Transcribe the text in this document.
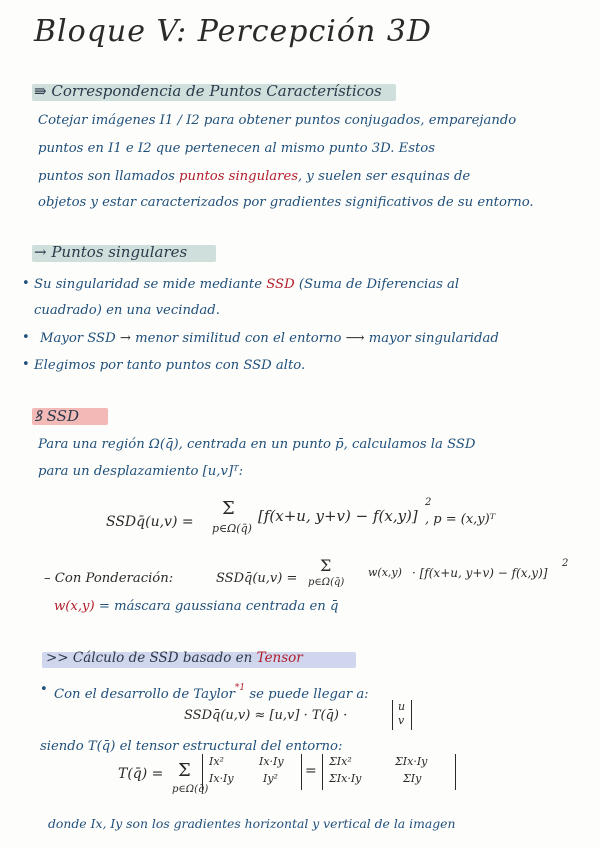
Bloque V: Percepción 3D
⇛ Correspondencia de Puntos Característicos
Cotejar imágenes I1 / I2 para obtener puntos conjugados, emparejando
puntos en I1 e I2 que pertenecen al mismo punto 3D. Estos
puntos son llamados puntos singulares, y suelen ser esquinas de
objetos y estar caracterizados por gradientes significativos de su entorno.
→ Puntos singulares
• Su singularidad se mide mediante SSD (Suma de Diferencias al
cuadrado) en una vecindad.
• Mayor SSD → menor similitud con el entorno ⟶ mayor singularidad
• Elegimos por tanto puntos con SSD alto.
ꝸ SSD
Para una región Ω(q̄), centrada en un punto p̄, calculamos la SSD
para un desplazamiento [u,v]ᵀ:
SSDq̄(u,v) =
Σ
p∈Ω(q̄)
[f(x+u, y+v) − f(x,y)]
2
, p = (x,y)ᵀ
– Con Ponderación:	SSDq̄(u,v) =
Σ
p∈Ω(q̄)
w(x,y) · [f(x+u, y+v) − f(x,y)]
2
w(x,y) = máscara gaussiana centrada en q̄
>> Cálculo de SSD basado en Tensor
• Con el desarrollo de Taylor$^{*1}$ se puede llegar a:
SSDq̄(u,v) ≈ [u,v] · T(q̄) ·
u
v
siendo T(q̄) el tensor estructural del entorno:
T(q̄) = Σ
p∈Ω(q̄)
Ix²	Ix·Iy
Ix·Iy	Iy² =
ΣIx²	ΣIx·Iy
ΣIx·Iy	ΣIy
donde Ix, Iy son los gradientes horizontal y vertical de la imagen
